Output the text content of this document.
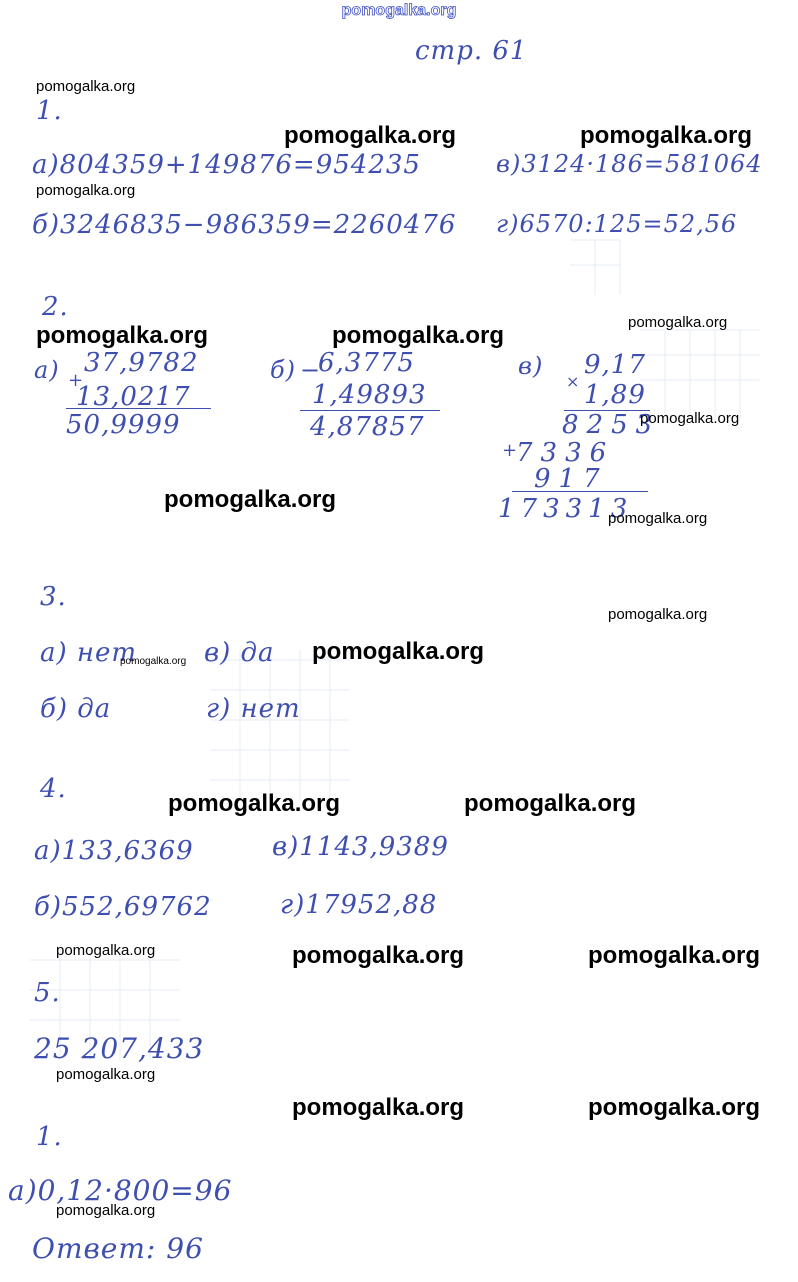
pomogalka.org
стр. 61
1.
а)804359+149876=954235	в)3124·186=581064
б)3246835−986359=2260476 г)6570:125=52,56
2.
а) +
37,9782
13,0217
50,9999
б) −
6,3775
1,49893
4,87857
в)
×
9,17
1,89
8253
+
7336
917
173313
3.
а) нет	в) да
б) да	г) нет
4.
а)133,6369	в)1143,9389
б)552,69762	г)17952,88
5.
25 207,433
1.
а)0,12·800=96
Ответ: 96
pomogalka.org
pomogalka.org	pomogalka.org
pomogalka.org
pomogalka.org	pomogalka.org	pomogalka.org
pomogalka.org
pomogalka.org
pomogalka.org
pomogalka.org
pomogalka.org	pomogalka.org
pomogalka.org	pomogalka.org
pomogalka.org	pomogalka.org	pomogalka.org
pomogalka.org
pomogalka.org	pomogalka.org
pomogalka.org
